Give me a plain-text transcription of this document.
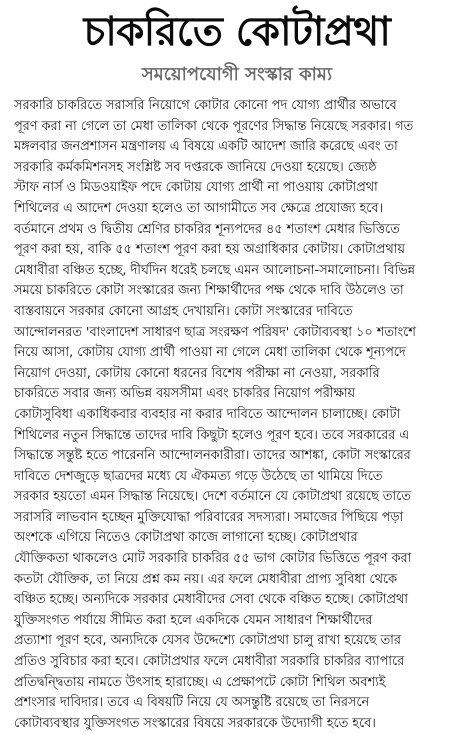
চাকরিতে কোটাপ্রথা
সময়োপযোগী সংস্কার কাম্য
সরকারি চাকরিতে সরাসরি নিয়োগে কোটার কোনো পদ যোগ্য প্রার্থীর অভাবে
পূরণ করা না গেলে তা মেধা তালিকা থেকে পূরণের সিদ্ধান্ত নিয়েছে সরকার। গত
মঙ্গলবার জনপ্রশাসন মন্ত্রণালয় এ বিষয়ে একটি আদেশ জারি করেছে এবং তা
সরকারি কর্মকমিশনসহ সংশ্লিষ্ট সব দপ্তরকে জানিয়ে দেওয়া হয়েছে। জ্যেষ্ঠ
স্টাফ নার্স ও মিডওয়াইফ পদে কোটায় যোগ্য প্রার্থী না পাওয়ায় কোটাপ্রথা
শিথিলের এ আদেশ দেওয়া হলেও তা আগামীতে সব ক্ষেত্রে প্রযোজ্য হবে।
বর্তমানে প্রথম ও দ্বিতীয় শ্রেণির চাকরির শূন্যপদের ৪৫ শতাংশ মেধার ভিত্তিতে
পূরণ করা হয়, বাকি ৫৫ শতাংশ পূরণ করা হয় অগ্রাধিকার কোটায়। কোটাপ্রথায়
মেধাবীরা বঞ্চিত হচ্ছে, দীর্ঘদিন ধরেই চলছে এমন আলোচনা-সমালোচনা। বিভিন্ন
সময়ে চাকরিতে কোটা সংস্কারের জন্য শিক্ষার্থীদের পক্ষ থেকে দাবি উঠলেও তা
বাস্তবায়নে সরকার কোনো আগ্রহ দেখায়নি। কোটা সংস্কারের দাবিতে
আন্দোলনরত 'বাংলাদেশ সাধারণ ছাত্র সংরক্ষণ পরিষদ' কোটাব্যবস্থা ১০ শতাংশে
নিয়ে আসা, কোটায় যোগ্য প্রার্থী পাওয়া না গেলে মেধা তালিকা থেকে শূন্যপদে
নিয়োগ দেওয়া, কোটায় কোনো ধরনের বিশেষ পরীক্ষা না নেওয়া, সরকারি
চাকরিতে সবার জন্য অভিন্ন বয়সসীমা এবং চাকরির নিয়োগ পরীক্ষায়
কোটাসুবিধা একাধিকবার ব্যবহার না করার দাবিতে আন্দোলন চালাচ্ছে। কোটা
শিথিলের নতুন সিদ্ধান্তে তাদের দাবি কিছুটা হলেও পূরণ হবে। তবে সরকারের এ
সিদ্ধান্তে সন্তুষ্ট হতে পারেননি আন্দোলনকারীরা। তাদের আশঙ্কা, কোটা সংস্কারের
দাবিতে দেশজুড়ে ছাত্রদের মধ্যে যে ঐকমত্য গড়ে উঠেছে তা থামিয়ে দিতে
সরকার হয়তো এমন সিদ্ধান্ত নিয়েছে। দেশে বর্তমানে যে কোটাপ্রথা রয়েছে তাতে
সরাসরি লাভবান হচ্ছেন মুক্তিযোদ্ধা পরিবারের সদস্যরা। সমাজের পিছিয়ে পড়া
অংশকে এগিয়ে নিতেও কোটাপ্রথা কাজে লাগানো হচ্ছে। কোটাপ্রথার
যৌক্তিকতা থাকলেও মোট সরকারি চাকরির ৫৫ ভাগ কোটার ভিত্তিতে পূরণ করা
কতটা যৌক্তিক, তা নিয়ে প্রশ্ন কম নয়। এর ফলে মেধাবীরা প্রাপ্য সুবিধা থেকে
বঞ্চিত হচ্ছে। অন্যদিকে সরকার মেধাবীদের সেবা থেকে বঞ্চিত হচ্ছে। কোটাপ্রথা
যুক্তিসংগত পর্যায়ে সীমিত করা হলে একদিকে যেমন সাধারণ শিক্ষার্থীদের
প্রত্যাশা পূরণ হবে, অন্যদিকে যেসব উদ্দেশ্যে কোটাপ্রথা চালু রাখা হয়েছে তার
প্রতিও সুবিচার করা হবে। কোটাপ্রথার ফলে মেধাবীরা সরকারি চাকরির ব্যাপারে
প্রতিদ্বন্দ্বিতায় নামতে উৎসাহ হারাচ্ছে। এ প্রেক্ষাপটে কোটা শিথিল অবশ্যই
প্রশংসার দাবিদার। তবে এ বিষয়টি নিয়ে যে অসন্তুষ্টি রয়েছে তা নিরসনে
কোটাব্যবস্থার যুক্তিসংগত সংস্কারের বিষয়ে সরকারকে উদ্যোগী হতে হবে।
